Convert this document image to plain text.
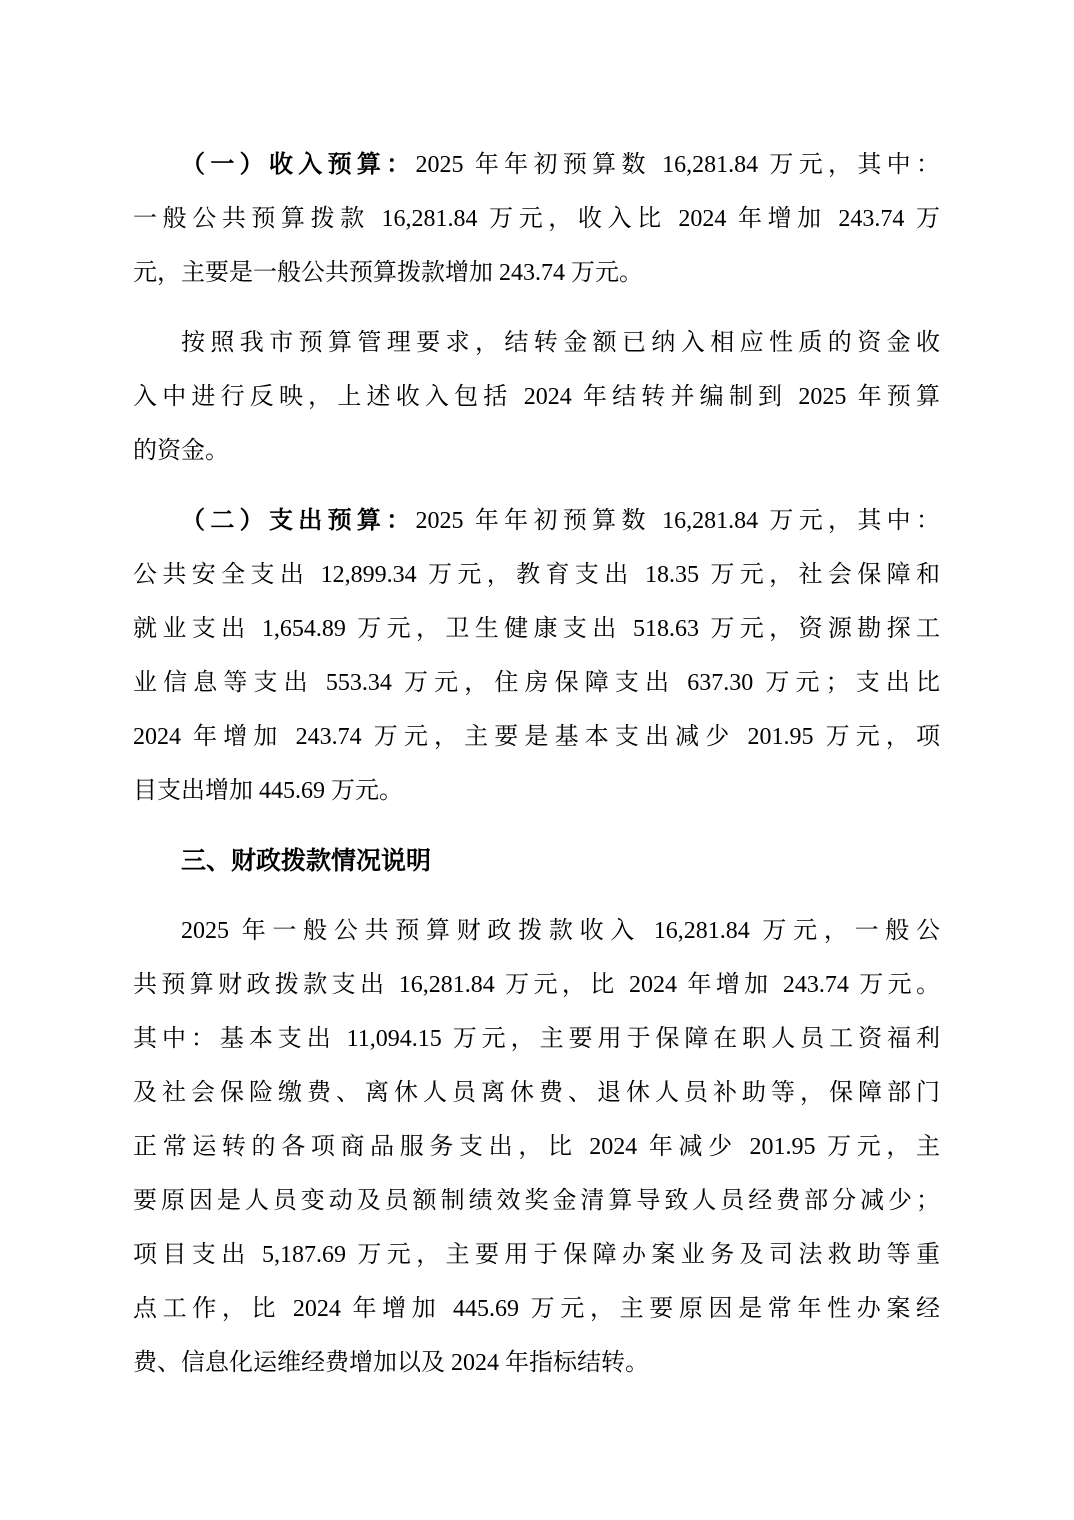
（一）收入预算：2025 年年初预算数 16,281.84 万元，其中：
一般公共预算拨款 16,281.84 万元，收入比 2024 年增加 243.74 万
元，主要是一般公共预算拨款增加 243.74 万元。
按照我市预算管理要求，结转金额已纳入相应性质的资金收
入中进行反映，上述收入包括 2024 年结转并编制到 2025 年预算
的资金。
（二）支出预算：2025 年年初预算数 16,281.84 万元，其中：
公共安全支出 12,899.34 万元，教育支出 18.35 万元，社会保障和
就业支出 1,654.89 万元，卫生健康支出 518.63 万元，资源勘探工
业信息等支出 553.34 万元，住房保障支出 637.30 万元；支出比
2024 年增加 243.74 万元，主要是基本支出减少 201.95 万元，项
目支出增加 445.69 万元。
三、财政拨款情况说明
2025 年一般公共预算财政拨款收入 16,281.84 万元，一般公
共预算财政拨款支出 16,281.84 万元，比 2024 年增加 243.74 万元。
其中：基本支出 11,094.15 万元，主要用于保障在职人员工资福利
及社会保险缴费、离休人员离休费、退休人员补助等，保障部门
正常运转的各项商品服务支出，比 2024 年减少 201.95 万元，主
要原因是人员变动及员额制绩效奖金清算导致人员经费部分减少；
项目支出 5,187.69 万元，主要用于保障办案业务及司法救助等重
点工作，比 2024 年增加 445.69 万元，主要原因是常年性办案经
费、信息化运维经费增加以及 2024 年指标结转。
